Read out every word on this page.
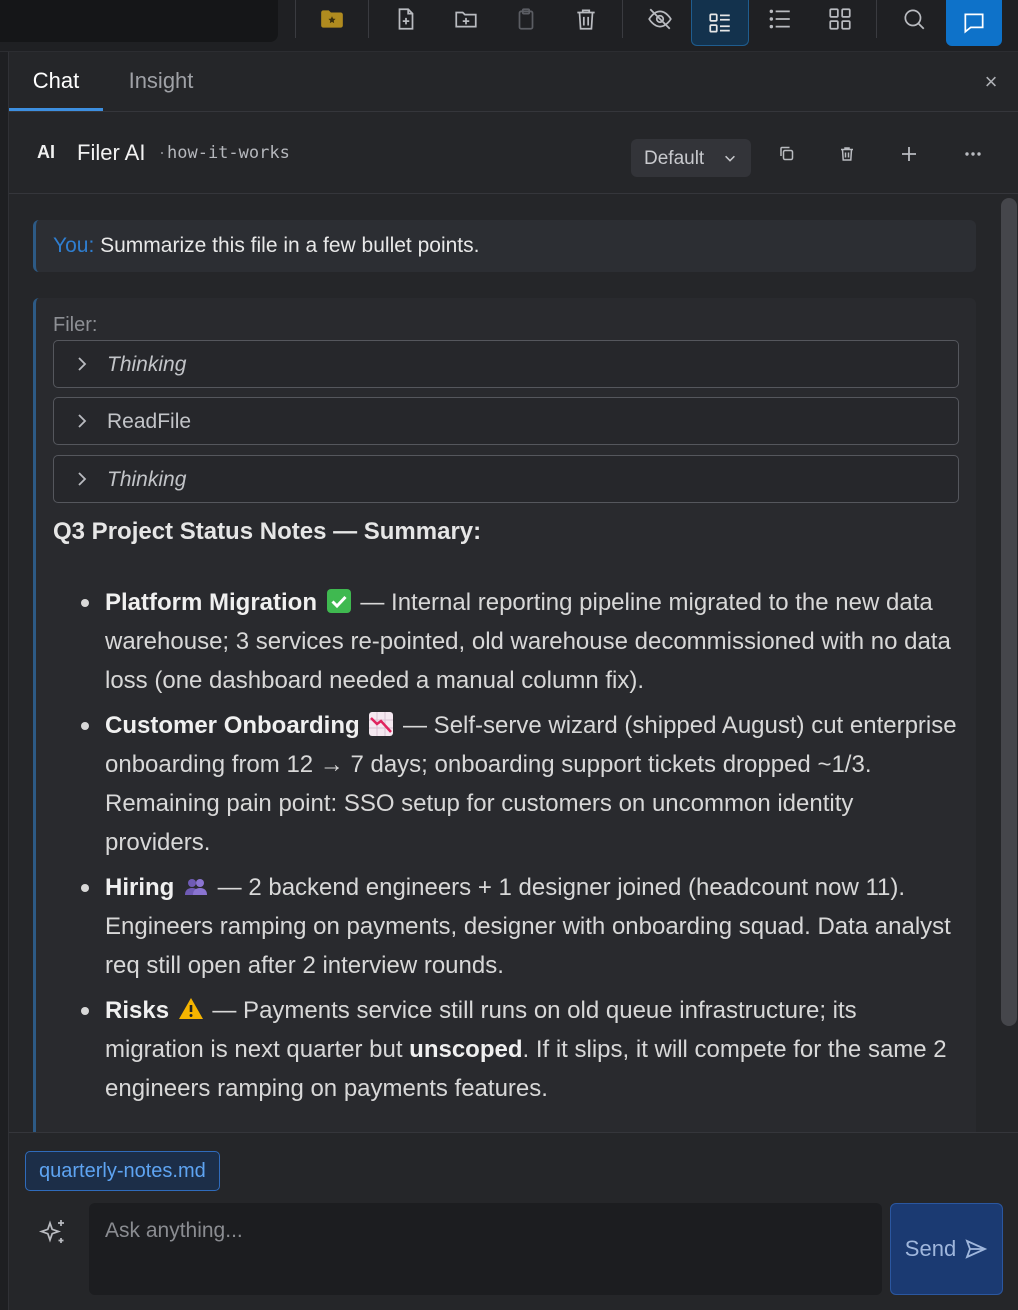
Chat	Insight	×
AI Filer AI · how-it-works	Default
You: Summarize this file in a few bullet points.
Filer:
Thinking
ReadFile
Thinking
Q3 Project Status Notes — Summary:
Platform Migration — Internal reporting pipeline migrated to the new data warehouse; 3 services re-pointed, old warehouse decommissioned with no data loss (one dashboard needed a manual column fix).
Customer Onboarding — Self-serve wizard (shipped August) cut enterprise onboarding from 12 → 7 days; onboarding support tickets dropped ~1/3. Remaining pain point: SSO setup for customers on uncommon identity providers.
Hiring — 2 backend engineers + 1 designer joined (headcount now 11). Engineers ramping on payments, designer with onboarding squad. Data analyst req still open after 2 interview rounds.
Risks — Payments service still runs on old queue infrastructure; its migration is next quarter but unscoped. If it slips, it will compete for the same 2 engineers ramping on payments features.
quarterly-notes.md
Ask anything...
Send
